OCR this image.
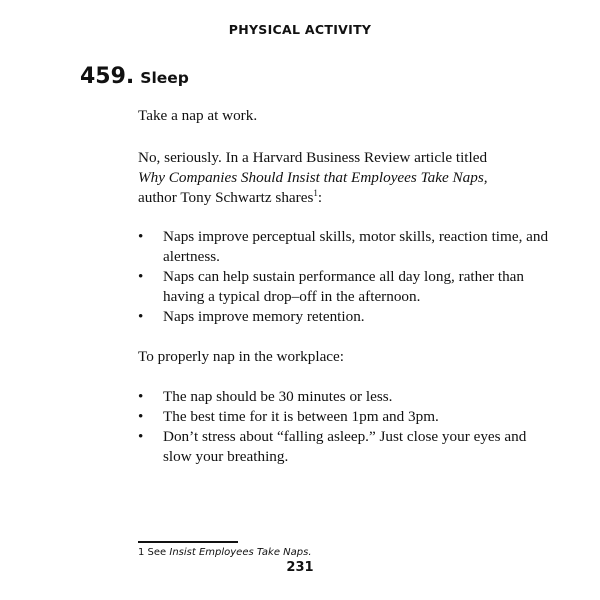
PHYSICAL ACTIVITY
459. Sleep

Take a nap at work.

No, seriously. In a Harvard Business Review article titled
Why Companies Should Insist that Employees Take Naps,
author Tony Schwartz shares$^1$:

• Naps improve perceptual skills, motor skills, reaction time, and alertness.
• Naps can help sustain performance all day long, rather than having a typical drop–off in the afternoon.
• Naps improve memory retention.

To properly nap in the workplace:

• The nap should be 30 minutes or less.
• The best time for it is between 1pm and 3pm.
• Don’t stress about “falling asleep.” Just close your eyes and slow your breathing.
1 See Insist Employees Take Naps.
231
